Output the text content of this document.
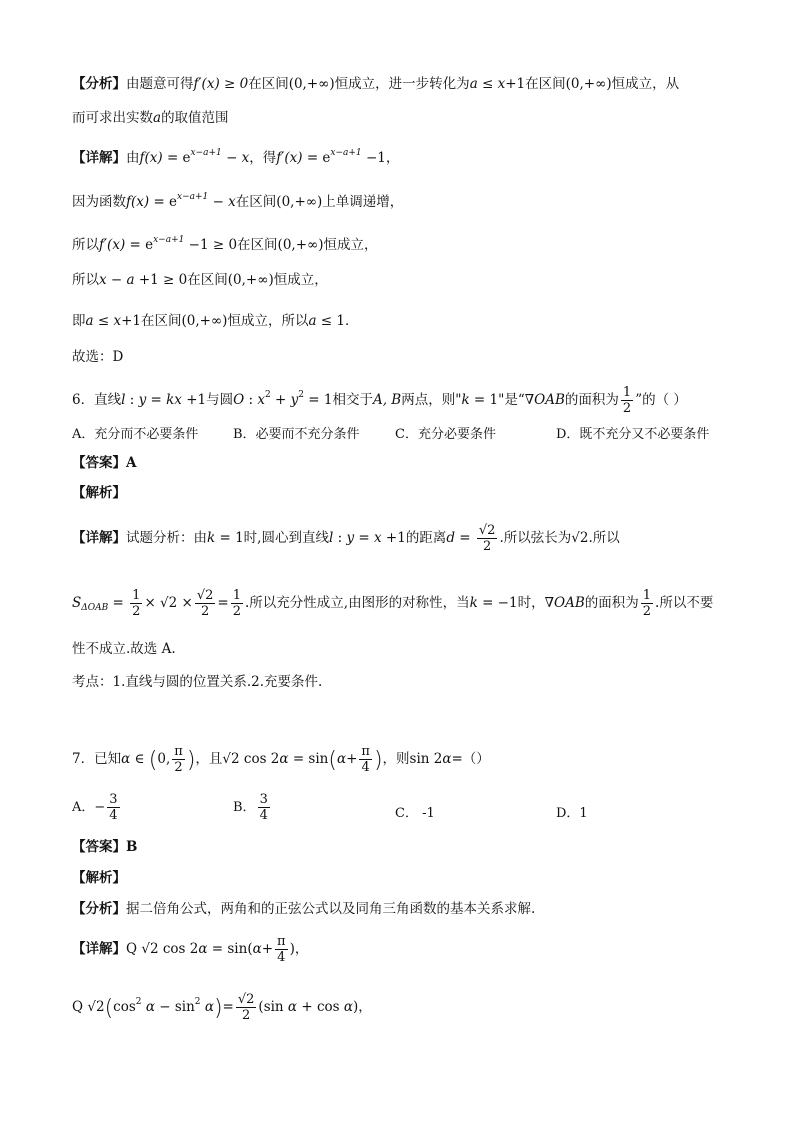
【分析】由题意可得f′(x) ≥ 0在区间(0,+∞)恒成立，进一步转化为a ≤ x+1在区间(0,+∞)恒成立，从
而可求出实数a的取值范围
【详解】由$f(x) = e^{x-a+1} - x$，得$f'(x) = e^{x-a+1} -1$，
因为函数$f(x) = e^{x-a+1} - x$在区间(0,+∞)上单调递增，
所以$f'(x) = e^{x-a+1} -1 \ge 0$在区间(0,+∞)恒成立，
所以x − a +1 ≥ 0在区间(0,+∞)恒成立，
即a ≤ x+1在区间(0,+∞)恒成立，所以a ≤ 1．
故选：D
6．直线l : y = kx +1与圆O : $x^2 + y^2 = 1$相交于A, B两点，则"k = 1"是“∇OAB的面积为 $\frac{1}{2}$ ”的（ ）
A．充分而不必要条件	B．必要而不充分条件	C．充分必要条件	D．既不充分又不必要条件
【答案】A
【解析】
【详解】试题分析：由k = 1时,圆心到直线l : y = x +1的距离$d = \frac{√2}{2}$ .所以弦长为√2.所以
$S_{\Delta OAB} = \frac{1}{2} \times √2 \times \frac{√2}{2} = \frac{1}{2}$ .所以充分性成立,由图形的对称性，当k = −1时，∇OAB的面积为 $\frac{1}{2}$ .所以不要
性不成立.故选 A.
考点：1.直线与圆的位置关系.2.充要条件.
7．已知α ∈ (0, $\frac{\pi}{2}$ )，且√2 $\cos 2\alpha = \sin(\alpha+ \frac{\pi}{4}$ )，则sin 2α=（）
A．− $\frac{3}{4}$	B． $\frac{3}{4}$	C． -1	D．1
【答案】B
【解析】
【分析】据二倍角公式，两角和的正弦公式以及同角三角函数的基本关系求解.
【详解】Q √2 $\cos 2\alpha = \sin(\alpha+ \frac{\pi}{4}$ )，
Q $√2(\cos^2$ $\alpha - \sin^2 \alpha)= \frac{√2}{2} (\sin$ α + cos α)，
